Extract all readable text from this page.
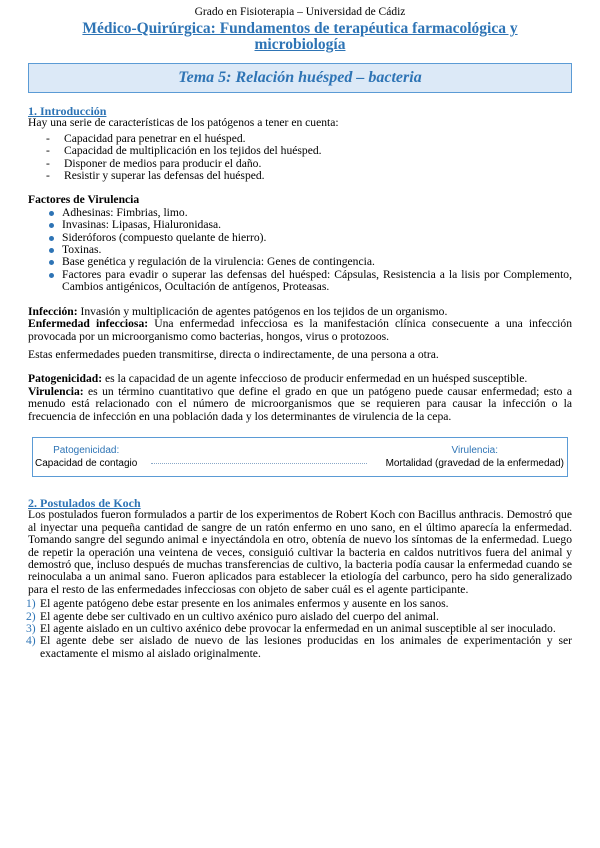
Grado en Fisioterapia – Universidad de Cádiz
Médico-Quirúrgica: Fundamentos de terapéutica farmacológica y microbiología
Tema 5: Relación huésped – bacteria
1. Introducción

Hay una serie de características de los patógenos a tener en cuenta:

- Capacidad para penetrar en el huésped.
- Capacidad de multiplicación en los tejidos del huésped.
- Disponer de medios para producir el daño.
- Resistir y superar las defensas del huésped.

Factores de Virulencia

Adhesinas: Fimbrias, limo.
Invasinas: Lipasas, Hialuronidasa.
Sideróforos (compuesto quelante de hierro).
Toxinas.
Base genética y regulación de la virulencia: Genes de contingencia.
Factores para evadir o superar las defensas del huésped: Cápsulas, Resistencia a la lisis por Complemento, Cambios antigénicos, Ocultación de antígenos, Proteasas.

Infección: Invasión y multiplicación de agentes patógenos en los tejidos de un organismo.

Enfermedad infecciosa: Una enfermedad infecciosa es la manifestación clínica consecuente a una infección provocada por un microorganismo como bacterias, hongos, virus o protozoos.

Estas enfermedades pueden transmitirse, directa o indirectamente, de una persona a otra.

Patogenicidad: es la capacidad de un agente infeccioso de producir enfermedad en un huésped susceptible.

Virulencia: es un término cuantitativo que define el grado en que un patógeno puede causar enfermedad; esto a menudo está relacionado con el número de microorganismos que se requieren para causar la infección o la frecuencia de infección en una población dada y los determinantes de virulencia de la cepa.

Patogenicidad:
Capacidad de contagio
Virulencia:
Mortalidad (gravedad de la enfermedad)
2. Postulados de Koch

Los postulados fueron formulados a partir de los experimentos de Robert Koch con Bacillus anthracis. Demostró que al inyectar una pequeña cantidad de sangre de un ratón enfermo en uno sano, en el último aparecía la enfermedad. Tomando sangre del segundo animal e inyectándola en otro, obtenía de nuevo los síntomas de la enfermedad. Luego de repetir la operación una veintena de veces, consiguió cultivar la bacteria en caldos nutritivos fuera del animal y demostró que, incluso después de muchas transferencias de cultivo, la bacteria podía causar la enfermedad cuando se reinoculaba a un animal sano. Fueron aplicados para establecer la etiología del carbunco, pero ha sido generalizado para el resto de las enfermedades infecciosas con objeto de saber cuál es el agente participante.

1) El agente patógeno debe estar presente en los animales enfermos y ausente en los sanos.
2) El agente debe ser cultivado en un cultivo axénico puro aislado del cuerpo del animal.
3) El agente aislado en un cultivo axénico debe provocar la enfermedad en un animal susceptible al ser inoculado.
4) El agente debe ser aislado de nuevo de las lesiones producidas en los animales de experimentación y ser exactamente el mismo al aislado originalmente.
